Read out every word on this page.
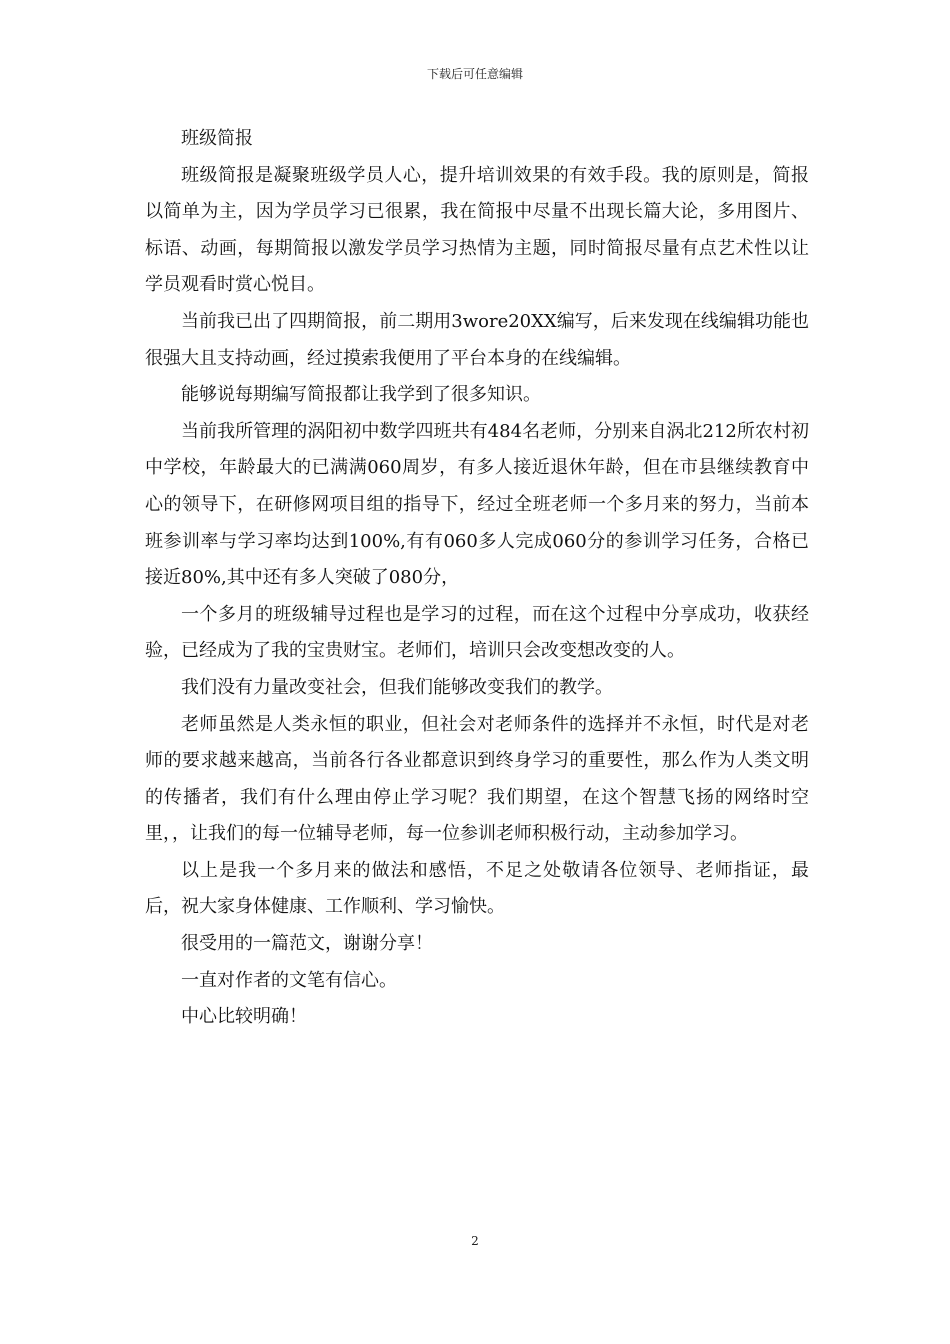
下载后可任意编辑

班级简报

班级简报是凝聚班级学员人心，提升培训效果的有效手段。我的原则是，简报以简单为主，因为学员学习已很累，我在简报中尽量不出现长篇大论，多用图片、标语、动画，每期简报以激发学员学习热情为主题，同时简报尽量有点艺术性以让学员观看时赏心悦目。

当前我已出了四期简报，前二期用3wore20XX编写，后来发现在线编辑功能也很强大且支持动画，经过摸索我便用了平台本身的在线编辑。

能够说每期编写简报都让我学到了很多知识。

当前我所管理的涡阳初中数学四班共有484名老师，分别来自涡北212所农村初中学校，年龄最大的已满满060周岁，有多人接近退休年龄，但在市县继续教育中心的领导下，在研修网项目组的指导下，经过全班老师一个多月来的努力，当前本班参训率与学习率均达到100%,有有060多人完成060分的参训学习任务，合格已接近80%,其中还有多人突破了080分，

一个多月的班级辅导过程也是学习的过程，而在这个过程中分享成功，收获经验，已经成为了我的宝贵财宝。老师们，培训只会改变想改变的人。

我们没有力量改变社会，但我们能够改变我们的教学。

老师虽然是人类永恒的职业，但社会对老师条件的选择并不永恒，时代是对老师的要求越来越高，当前各行各业都意识到终身学习的重要性，那么作为人类文明的传播者，我们有什么理由停止学习呢？我们期望，在这个智慧飞扬的网络时空里，，让我们的每一位辅导老师，每一位参训老师积极行动，主动参加学习。

以上是我一个多月来的做法和感悟，不足之处敬请各位领导、老师指证，最后，祝大家身体健康、工作顺利、学习愉快。

很受用的一篇范文，谢谢分享！

一直对作者的文笔有信心。

中心比较明确！

2
